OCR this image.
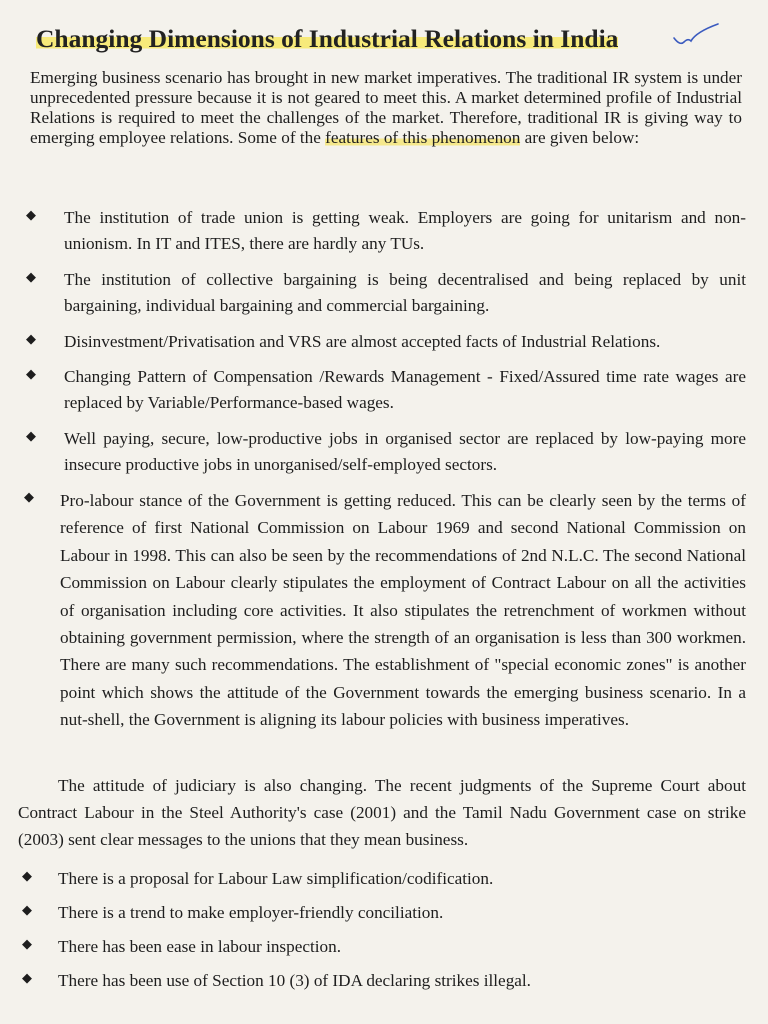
Changing Dimensions of Industrial Relations in India

Emerging business scenario has brought in new market imperatives. The traditional IR system is under unprecedented pressure because it is not geared to meet this. A market determined profile of Industrial Relations is required to meet the challenges of the market. Therefore, traditional IR is giving way to emerging employee relations. Some of the features of this phenomenon are given below:

◆ The institution of trade union is getting weak. Employers are going for unitarism and non-unionism. In IT and ITES, there are hardly any TUs.

◆ The institution of collective bargaining is being decentralised and being replaced by unit bargaining, individual bargaining and commercial bargaining.

◆ Disinvestment/Privatisation and VRS are almost accepted facts of Industrial Relations.

◆ Changing Pattern of Compensation /Rewards Management - Fixed/Assured time rate wages are replaced by Variable/Performance-based wages.

◆ Well paying, secure, low-productive jobs in organised sector are replaced by low-paying more insecure productive jobs in unorganised/self-employed sectors.

◆ Pro-labour stance of the Government is getting reduced. This can be clearly seen by the terms of reference of first National Commission on Labour 1969 and second National Commission on Labour in 1998. This can also be seen by the recommendations of 2nd N.L.C. The second National Commission on Labour clearly stipulates the employment of Contract Labour on all the activities of organisation including core activities. It also stipulates the retrenchment of workmen without obtaining government permission, where the strength of an organisation is less than 300 workmen. There are many such recommendations. The establishment of "special economic zones" is another point which shows the attitude of the Government towards the emerging business scenario. In a nut-shell, the Government is aligning its labour policies with business imperatives.

The attitude of judiciary is also changing. The recent judgments of the Supreme Court about Contract Labour in the Steel Authority's case (2001) and the Tamil Nadu Government case on strike (2003) sent clear messages to the unions that they mean business.

◆ There is a proposal for Labour Law simplification/codification.

◆ There is a trend to make employer-friendly conciliation.

◆ There has been ease in labour inspection.

◆ There has been use of Section 10 (3) of IDA declaring strikes illegal.
